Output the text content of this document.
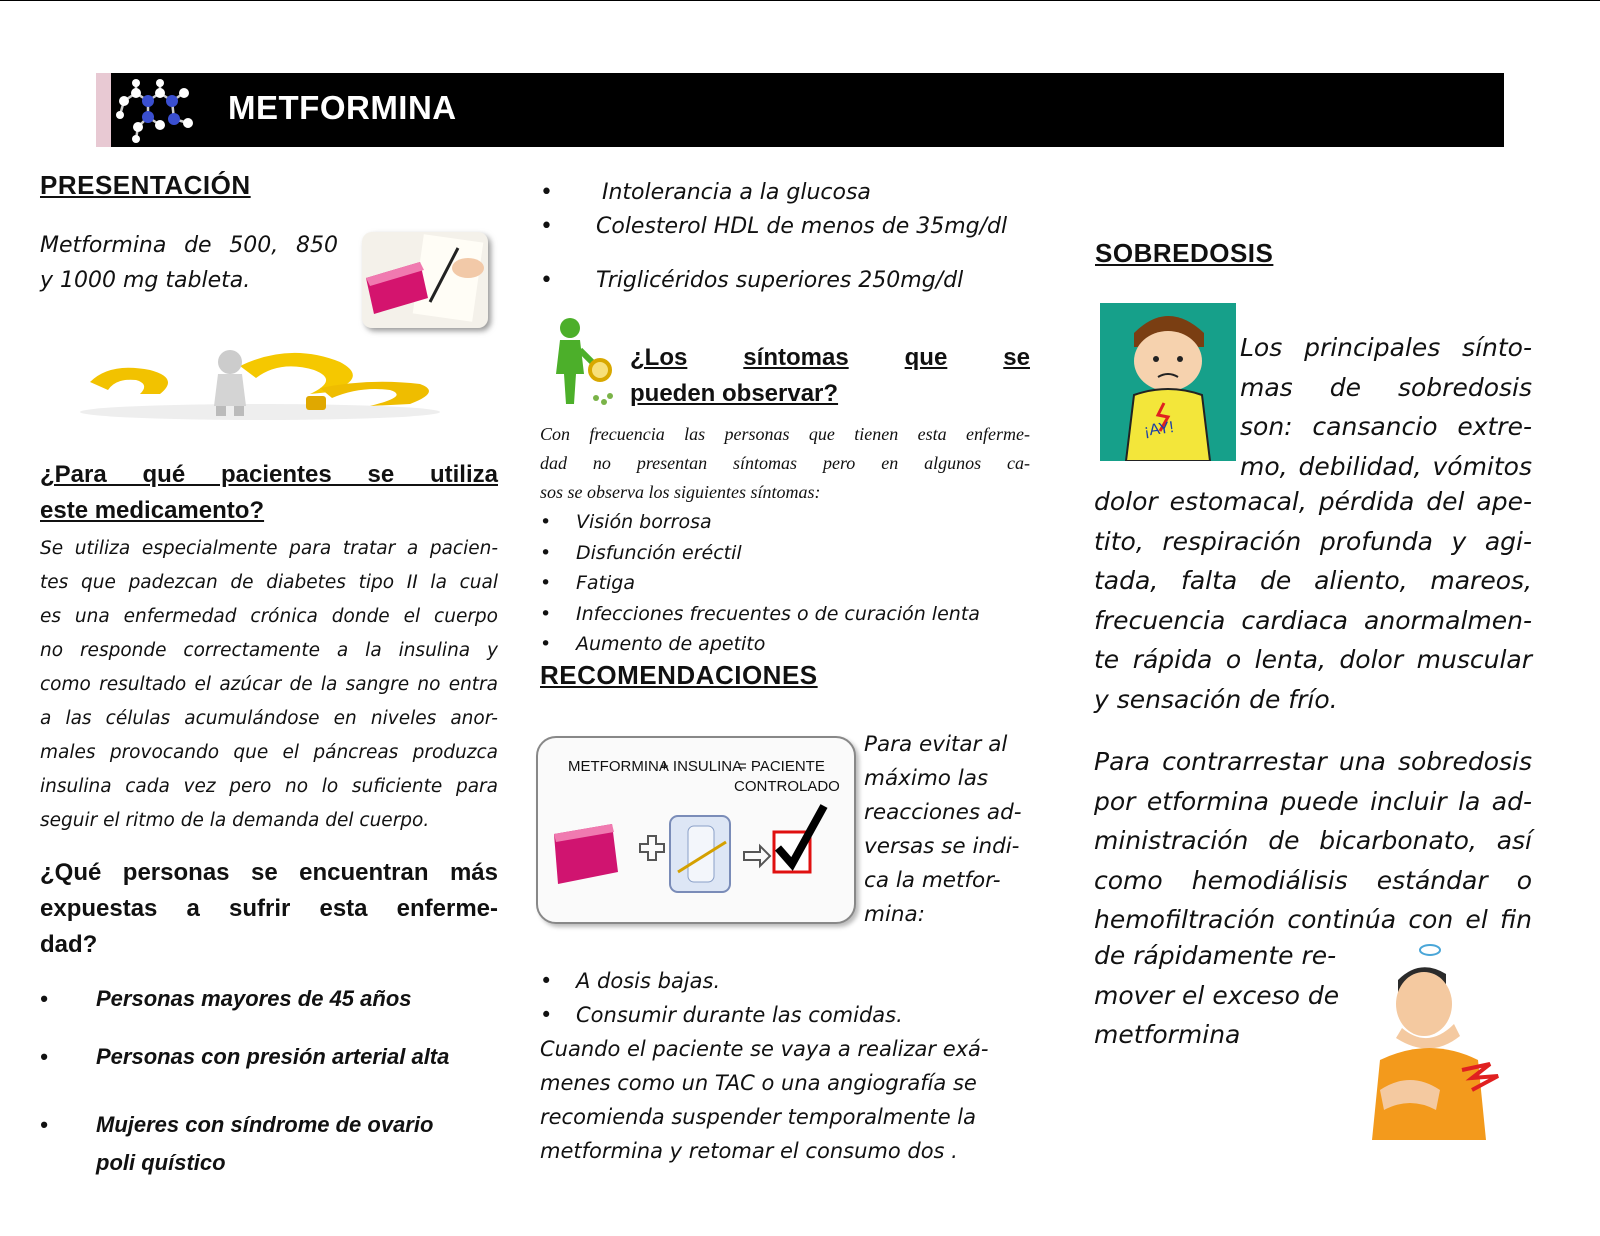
METFORMINA
PRESENTACIÓN
Metformina de 500, 850
y 1000 mg tableta.
¿Para qué pacientes se utiliza
este medicamento?
Se utiliza especialmente para tratar a pacien-
tes que padezcan de diabetes tipo II la cual
es una enfermedad crónica donde el cuerpo
no responde correctamente a la insulina y
como resultado el azúcar de la sangre no entra
a las células acumulándose en niveles anor-
males provocando que el páncreas produzca
insulina cada vez pero no lo suficiente para
seguir el ritmo de la demanda del cuerpo.
¿Qué personas se encuentran más
expuestas a sufrir esta enferme-
dad?
• Personas mayores de 45 años
• Personas con presión arterial alta
• Mujeres con síndrome de ovario
poli quístico
• Intolerancia a la glucosa
• Colesterol HDL de menos de 35mg/dl
• Triglicéridos superiores 250mg/dl
¿Los síntomas que se
pueden observar?
Con frecuencia las personas que tienen esta enferme-
dad no presentan síntomas pero en algunos ca-
sos se observa los siguientes síntomas:
•	Visión borrosa
•	Disfunción eréctil
•	Fatiga
•	Infecciones frecuentes o de curación lenta
•	Aumento de apetito
RECOMENDACIONES
METFORMINA
+ INSULINA
= PACIENTE
CONTROLADO
Para evitar al
máximo las
reacciones ad-
versas se indi-
ca la metfor-
mina:
•	A dosis bajas.
•	Consumir durante las comidas.
Cuando el paciente se vaya a realizar exá-
menes como un TAC o una angiografía se
recomienda suspender temporalmente la
metformina y retomar el consumo dos .
SOBREDOSIS
¡AY!
Los principales sínto-
mas de sobredosis
son: cansancio extre-
mo, debilidad, vómitos
dolor estomacal, pérdida del ape-
tito, respiración profunda y agi-
tada, falta de aliento, mareos,
frecuencia cardiaca anormalmen-
te rápida o lenta, dolor muscular
y sensación de frío.
Para contrarrestar una sobredosis
por etformina puede incluir la ad-
ministración de bicarbonato, así
como hemodiálisis estándar o
hemofiltración continúa con el fin
de rápidamente re-
mover el exceso de
metformina
